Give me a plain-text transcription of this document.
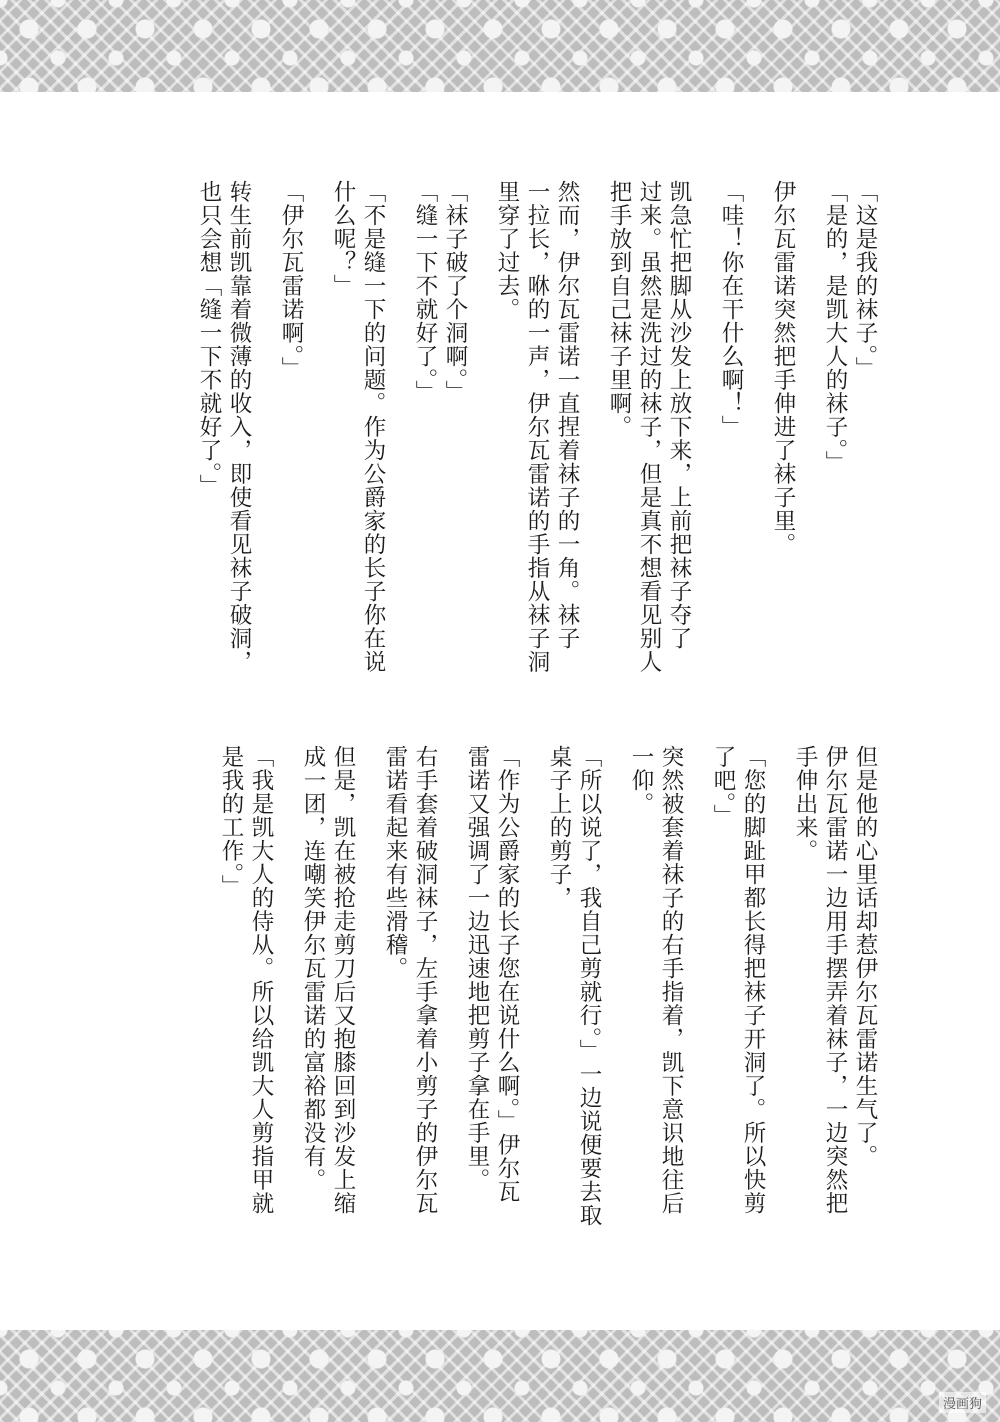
「这是我的袜子。」
「是的，是凯大人的袜子。」
伊尔瓦雷诺突然把手伸进了袜子里。
「哇！你在干什么啊！」
凯急忙把脚从沙发上放下来，上前把袜子夺了
过来。虽然是洗过的袜子，但是真不想看见别人
把手放到自己袜子里啊。
然而，伊尔瓦雷诺一直捏着袜子的一角。袜子
一拉长，咻的一声，伊尔瓦雷诺的手指从袜子洞
里穿了过去。
「袜子破了个洞啊。」
「缝一下不就好了。」
「不是缝一下的问题。作为公爵家的长子你在说
什么呢？」
「伊尔瓦雷诺啊。」
转生前凯靠着微薄的收入，即使看见袜子破洞，
也只会想「缝一下不就好了。」
但是他的心里话却惹伊尔瓦雷诺生气了。
伊尔瓦雷诺一边用手摆弄着袜子，一边突然把
手伸出来。
「您的脚趾甲都长得把袜子开洞了。所以快剪
了吧。」
突然被套着袜子的右手指着，凯下意识地往后
一仰。
「所以说了，我自己剪就行。」一边说便要去取
桌子上的剪子，
「作为公爵家的长子您在说什么啊。」伊尔瓦
雷诺又强调了一边迅速地把剪子拿在手里。
右手套着破洞袜子，左手拿着小剪子的伊尔瓦
雷诺看起来有些滑稽。
但是，凯在被抢走剪刀后又抱膝回到沙发上缩
成一团，连嘲笑伊尔瓦雷诺的富裕都没有。
「我是凯大人的侍从。所以给凯大人剪指甲就
是我的工作。」
漫画狗
